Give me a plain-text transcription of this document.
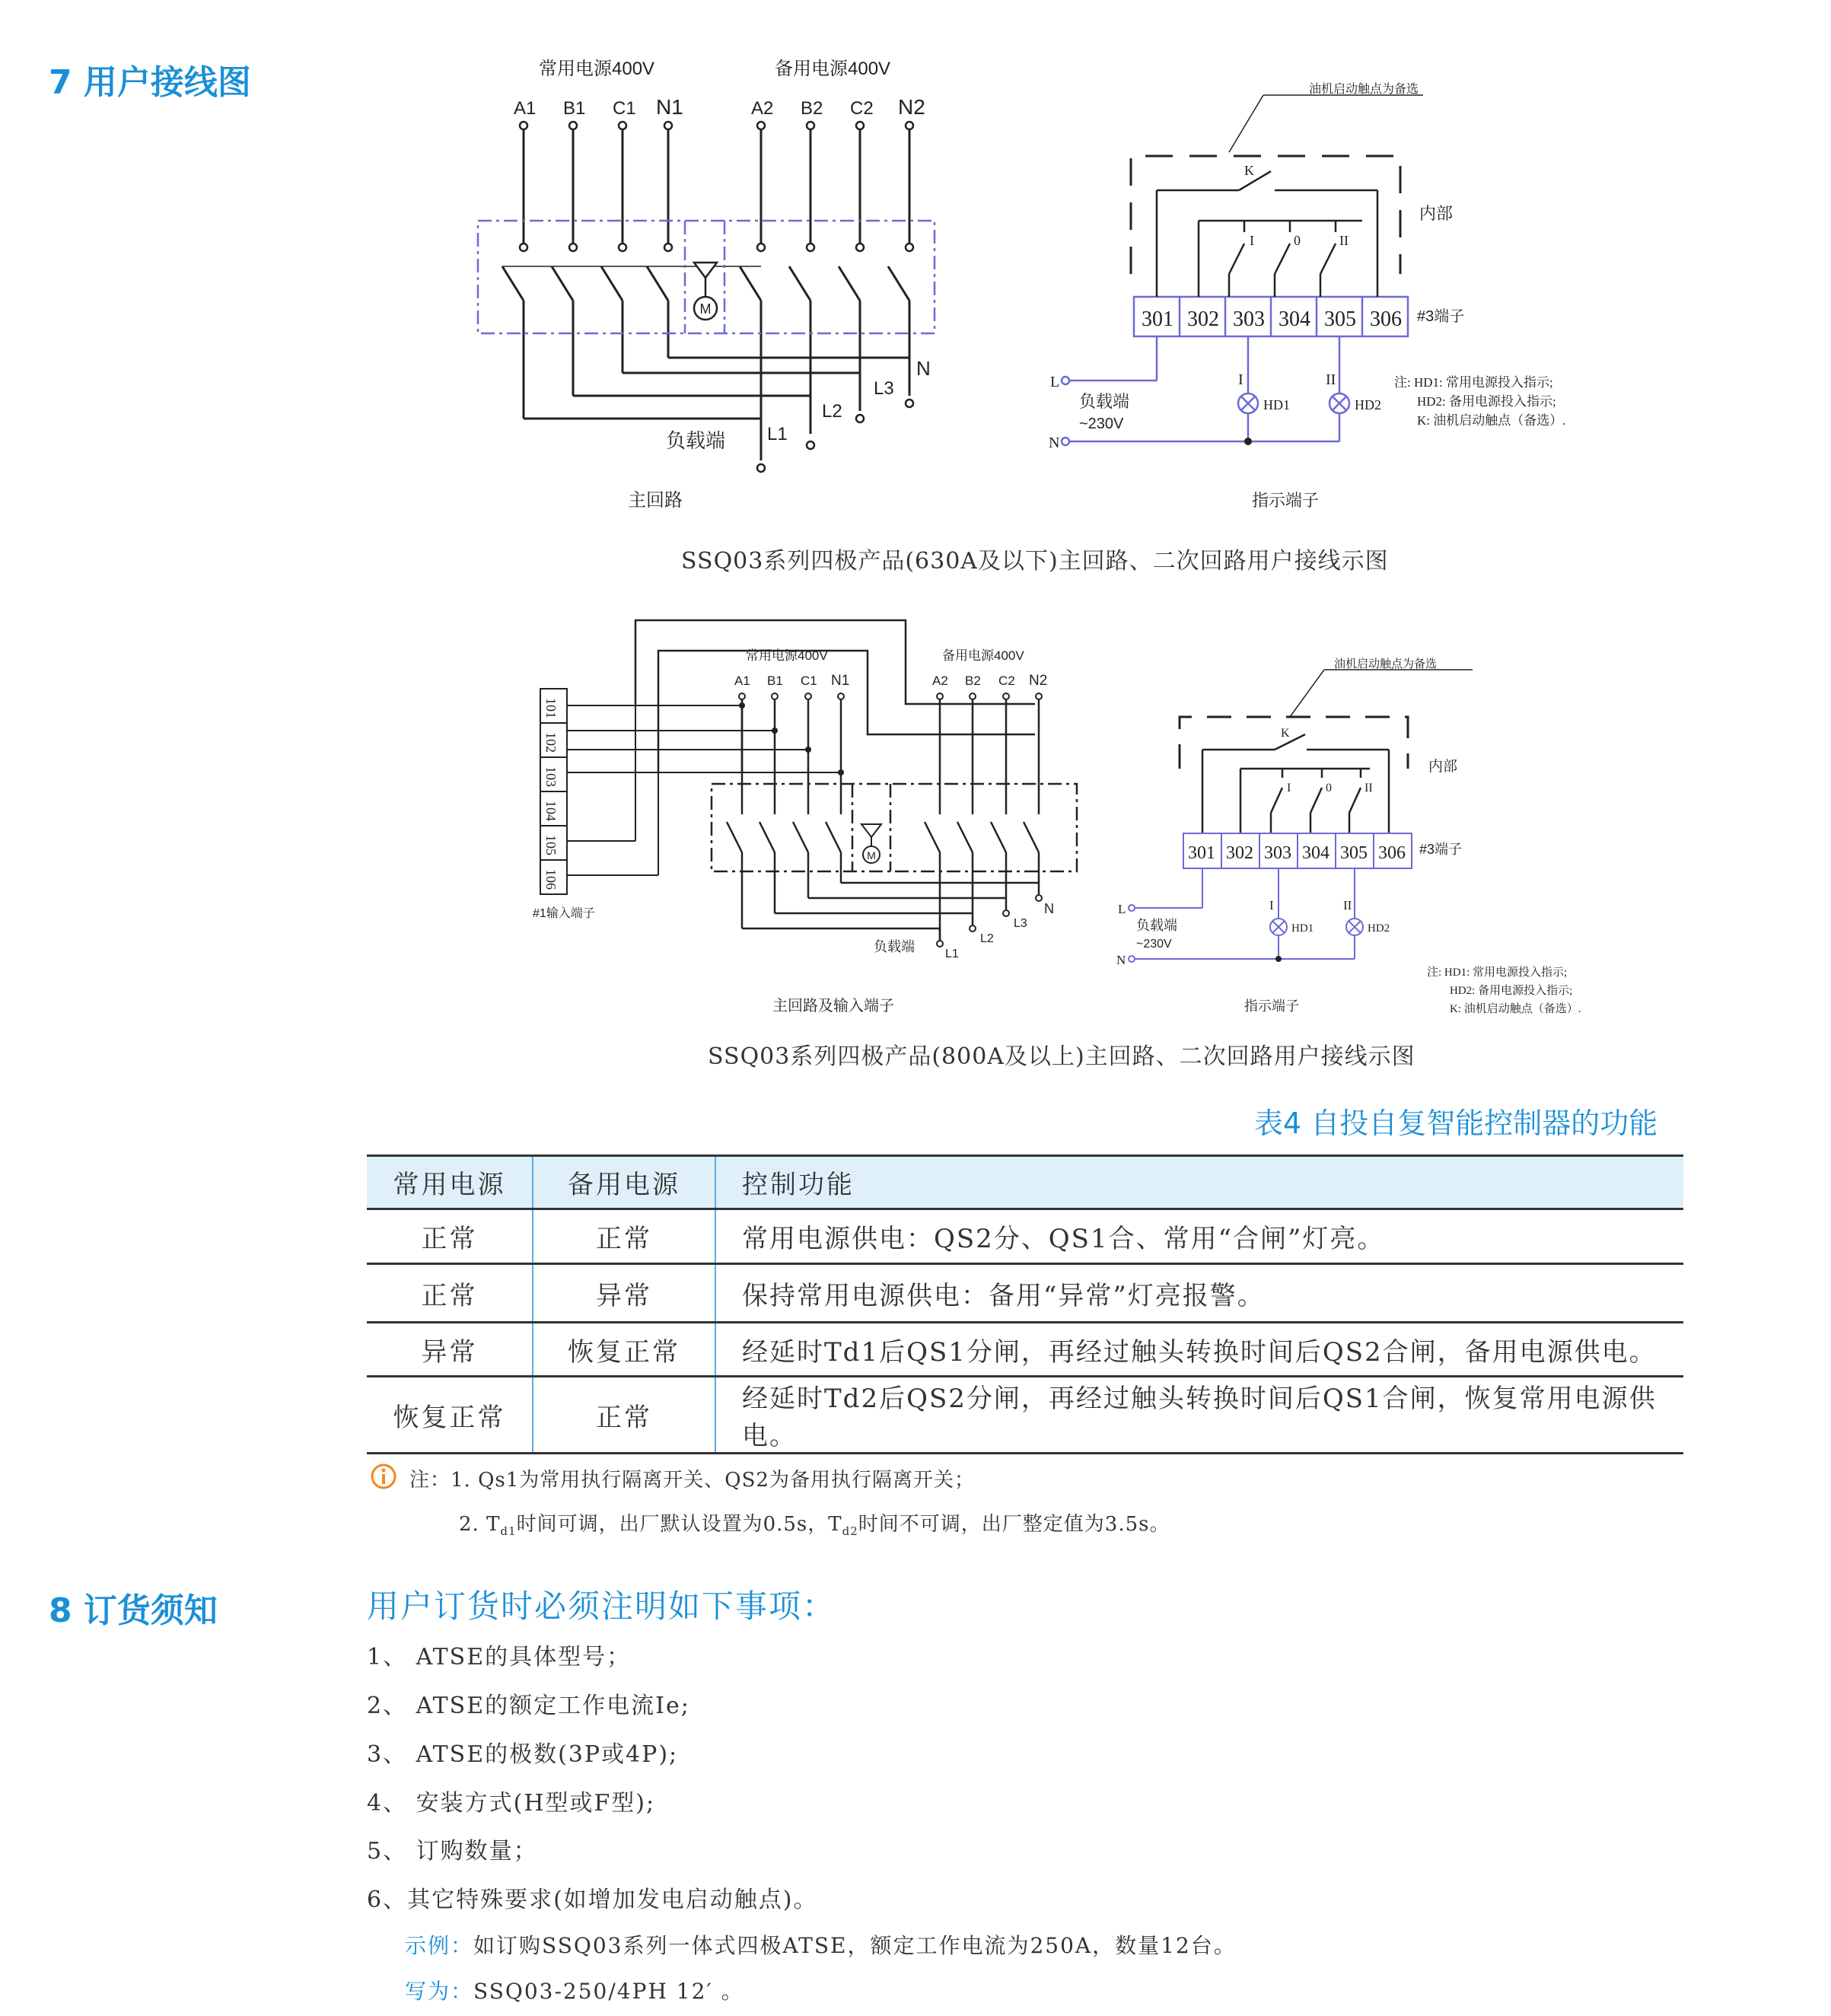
7 用户接线图
8 订货须知
M
常用电源400V	备用电源400V
A1 B1 C1 N1	A2 B2 C2 N2
N
L3
L2
L1
负载端
主回路
油机启动触点为备选
K
I	0	II
内部
301 302 303 304 305 306 #3端子
L
N
负载端
~230V
I	II
HD1	HD2
注: HD1: 常用电源投入指示;
HD2: 备用电源投入指示;
K: 油机启动触点（备选）.
指示端子
SSQ03系列四极产品(630A及以下)主回路、二次回路用户接线示图
101
102
103
104
105
106
#1输入端子
M
常用电源400V	备用电源400V
A1 B1 C1 N1	A2 B2 C2 N2
N
L3
L2
L1
负载端
主回路及输入端子
油机启动触点为备选
K
I	0	II
内部
301 302 303 304 305 306 #3端子
L
N
负载端
~230V
I	II
HD1	HD2
注: HD1: 常用电源投入指示;
HD2: 备用电源投入指示;
K: 油机启动触点（备选）.
指示端子
SSQ03系列四极产品(800A及以上)主回路、二次回路用户接线示图
表4 自投自复智能控制器的功能
常用电源	备用电源	控制功能
正常	正常	常用电源供电：QS2分、QS1合、常用“合闸”灯亮。
正常	异常	保持常用电源供电：备用“异常”灯亮报警。
异常	恢复正常	经延时Td1后QS1分闸，再经过触头转换时间后QS2合闸，备用电源供电。
恢复正常	正常	经延时Td2后QS2分闸，再经过触头转换时间后QS1合闸，恢复常用电源供电。
注：1. Qs1为常用执行隔离开关、QS2为备用执行隔离开关；
2. $T_{d1}$时间可调，出厂默认设置为0.5s，$T_{d2}$时间不可调，出厂整定值为3.5s。
用户订货时必须注明如下事项：
1、 ATSE的具体型号；
2、 ATSE的额定工作电流Ie;
3、 ATSE的极数(3P或4P);
4、 安装方式(H型或F型);
5、 订购数量；
6、其它特殊要求(如增加发电启动触点)。
示例：如订购SSQ03系列一体式四极ATSE，额定工作电流为250A，数量12台。
写为：SSQ03-250/4PH 12′ 。
